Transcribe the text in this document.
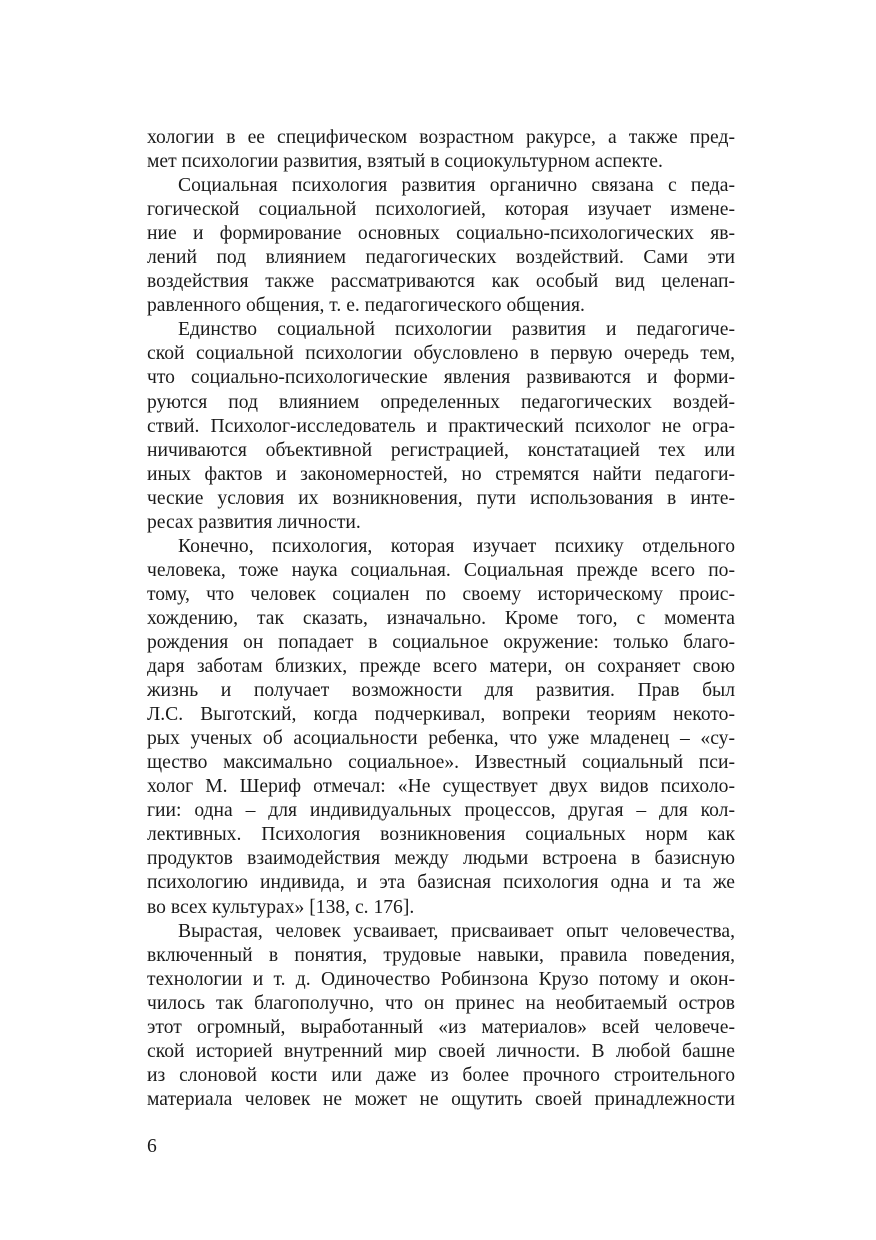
хологии в ее специфическом возрастном ракурсе, а также пред-
мет психологии развития, взятый в социокультурном аспекте.
Социальная психология развития органично связана с педа-
гогической социальной психологией, которая изучает измене-
ние и формирование основных социально-психологических яв-
лений под влиянием педагогических воздействий. Сами эти
воздействия также рассматриваются как особый вид целенап-
равленного общения, т. е. педагогического общения.
Единство социальной психологии развития и педагогиче-
ской социальной психологии обусловлено в первую очередь тем,
что социально-психологические явления развиваются и форми-
руются под влиянием определенных педагогических воздей-
ствий. Психолог-исследователь и практический психолог не огра-
ничиваются объективной регистрацией, констатацией тех или
иных фактов и закономерностей, но стремятся найти педагоги-
ческие условия их возникновения, пути использования в инте-
ресах развития личности.
Конечно, психология, которая изучает психику отдельного
человека, тоже наука социальная. Социальная прежде всего по-
тому, что человек социален по своему историческому проис-
хождению, так сказать, изначально. Кроме того, с момента
рождения он попадает в социальное окружение: только благо-
даря заботам близких, прежде всего матери, он сохраняет свою
жизнь и получает возможности для развития. Прав был
Л.С. Выготский, когда подчеркивал, вопреки теориям некото-
рых ученых об асоциальности ребенка, что уже младенец – «су-
щество максимально социальное». Известный социальный пси-
холог М. Шериф отмечал: «Не существует двух видов психоло-
гии: одна – для индивидуальных процессов, другая – для кол-
лективных. Психология возникновения социальных норм как
продуктов взаимодействия между людьми встроена в базисную
психологию индивида, и эта базисная психология одна и та же
во всех культурах» [138, с. 176].
Вырастая, человек усваивает, присваивает опыт человечества,
включенный в понятия, трудовые навыки, правила поведения,
технологии и т. д. Одиночество Робинзона Крузо потому и окон-
чилось так благополучно, что он принес на необитаемый остров
этот огромный, выработанный «из материалов» всей человече-
ской историей внутренний мир своей личности. В любой башне
из слоновой кости или даже из более прочного строительного
материала человек не может не ощутить своей принадлежности
6
